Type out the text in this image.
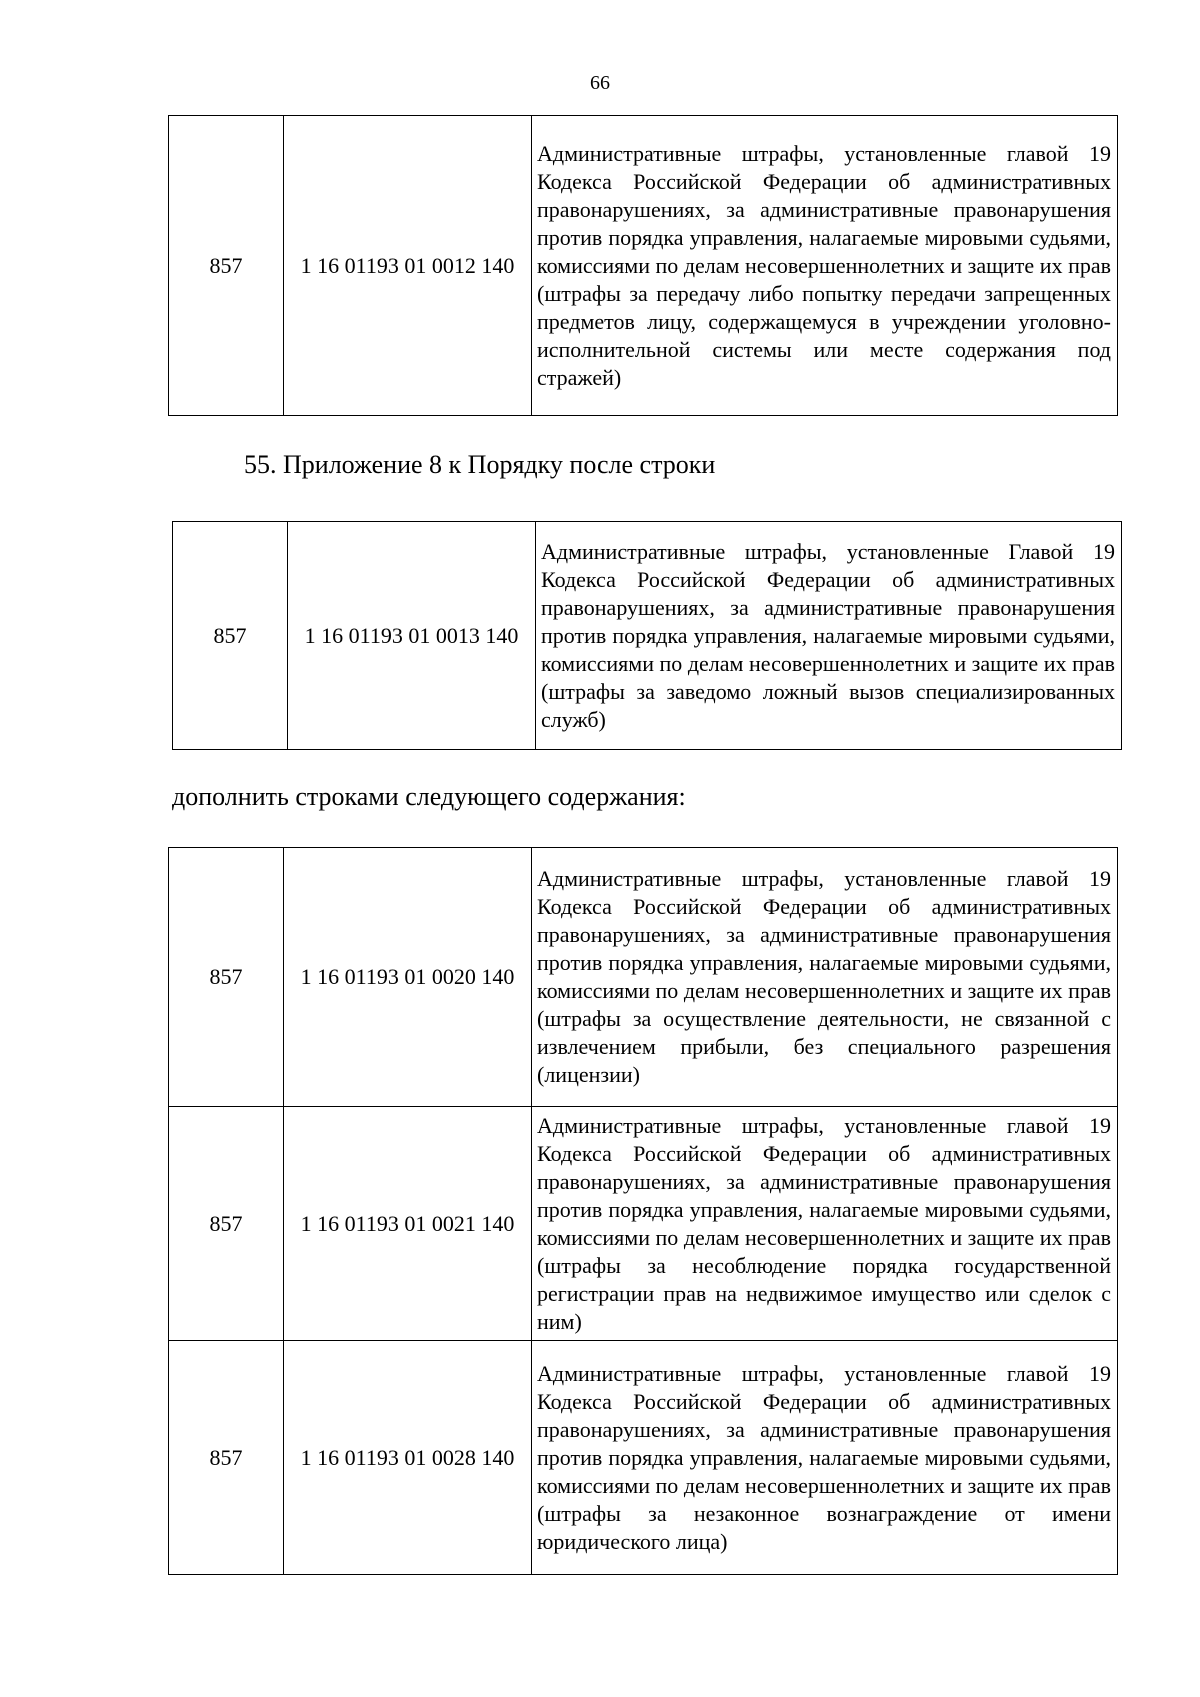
66
857	1 16 01193 01 0012 140	Административные штрафы, установленные главой 19 Кодекса Российской Федерации об административных правонарушениях, за административные правонарушения против порядка управления, налагаемые мировыми судьями, комиссиями по делам несовершеннолетних и защите их прав (штрафы за передачу либо попытку передачи запрещенных предметов лицу, содержащемуся в учреждении уголовно-исполнительной системы или месте содержания под стражей)
55. Приложение 8 к Порядку после строки
857	1 16 01193 01 0013 140	Административные штрафы, установленные Главой 19 Кодекса Российской Федерации об административных правонарушениях, за административные правонарушения против порядка управления, налагаемые мировыми судьями, комиссиями по делам несовершеннолетних и защите их прав (штрафы за заведомо ложный вызов специализированных служб)
дополнить строками следующего содержания:
857	1 16 01193 01 0020 140	Административные штрафы, установленные главой 19 Кодекса Российской Федерации об административных правонарушениях, за административные правонарушения против порядка управления, налагаемые мировыми судьями, комиссиями по делам несовершеннолетних и защите их прав (штрафы за осуществление деятельности, не связанной с извлечением прибыли, без специального разрешения (лицензии)
857	1 16 01193 01 0021 140	Административные штрафы, установленные главой 19 Кодекса Российской Федерации об административных правонарушениях, за административные правонарушения против порядка управления, налагаемые мировыми судьями, комиссиями по делам несовершеннолетних и защите их прав (штрафы за несоблюдение порядка государственной регистрации прав на недвижимое имущество или сделок с ним)
857	1 16 01193 01 0028 140	Административные штрафы, установленные главой 19 Кодекса Российской Федерации об административных правонарушениях, за административные правонарушения против порядка управления, налагаемые мировыми судьями, комиссиями по делам несовершеннолетних и защите их прав (штрафы за незаконное вознаграждение от имени юридического лица)
